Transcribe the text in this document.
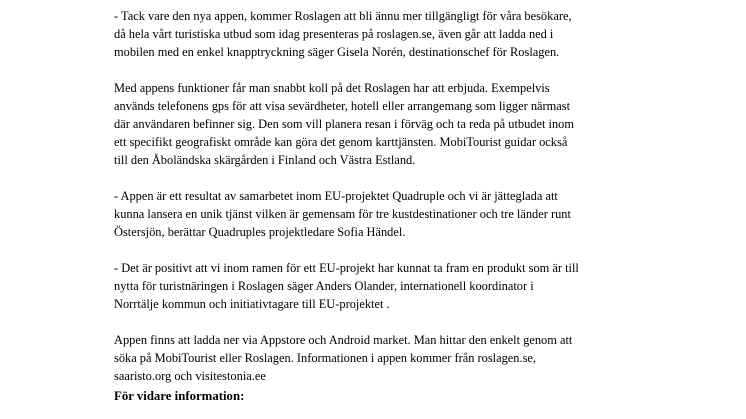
- Tack vare den nya appen, kommer Roslagen att bli ännu mer tillgängligt för våra besökare,
då hela vårt turistiska utbud som idag presenteras på roslagen.se, även går att ladda ned i
mobilen med en enkel knapptryckning säger Gisela Norén, destinationschef för Roslagen.

Med appens funktioner får man snabbt koll på det Roslagen har att erbjuda. Exempelvis
används telefonens gps för att visa sevärdheter, hotell eller arrangemang som ligger närmast
där användaren befinner sig. Den som vill planera resan i förväg och ta reda på utbudet inom
ett specifikt geografiskt område kan göra det genom karttjänsten. MobiTourist guidar också
till den Åboländska skärgården i Finland och Västra Estland.

- Appen är ett resultat av samarbetet inom EU-projektet Quadruple och vi är jätteglada att
kunna lansera en unik tjänst vilken är gemensam för tre kustdestinationer och tre länder runt
Östersjön, berättar Quadruples projektledare Sofia Händel.

- Det är positivt att vi inom ramen för ett EU-projekt har kunnat ta fram en produkt som är till
nytta för turistnäringen i Roslagen säger Anders Olander, internationell koordinator i
Norrtälje kommun och initiativtagare till EU-projektet .

Appen finns att ladda ner via Appstore och Android market. Man hittar den enkelt genom att
söka på MobiTourist eller Roslagen. Informationen i appen kommer från roslagen.se,
saaristo.org och visitestonia.ee

För vidare information:
